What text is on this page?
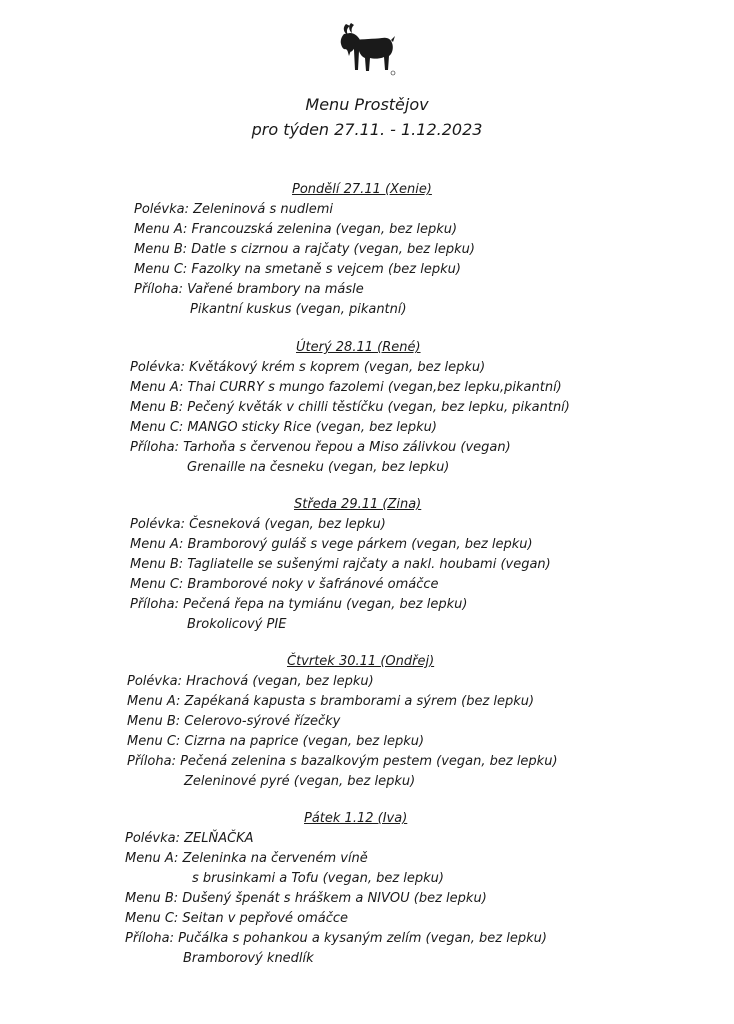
Menu Prostějov
pro týden 27.11. - 1.12.2023
Pondělí 27.11 (Xenie)
Polévka: Zeleninová s nudlemi
Menu A: Francouzská zelenina (vegan, bez lepku)
Menu B: Datle s cizrnou a rajčaty (vegan, bez lepku)
Menu C: Fazolky na smetaně s vejcem (bez lepku)
Příloha: Vařené brambory na másle
Pikantní kuskus (vegan, pikantní)
Úterý 28.11 (René)
Polévka: Květákový krém s koprem (vegan, bez lepku)
Menu A: Thai CURRY s mungo fazolemi (vegan,bez lepku,pikantní)
Menu B: Pečený květák v chilli těstíčku (vegan, bez lepku, pikantní)
Menu C: MANGO sticky Rice (vegan, bez lepku)
Příloha: Tarhoňa s červenou řepou a Miso zálivkou (vegan)
Grenaille na česneku (vegan, bez lepku)
Středa 29.11 (Zina)
Polévka: Česneková (vegan, bez lepku)
Menu A: Bramborový guláš s vege párkem (vegan, bez lepku)
Menu B: Tagliatelle se sušenými rajčaty a nakl. houbami (vegan)
Menu C: Bramborové noky v šafránové omáčce
Příloha: Pečená řepa na tymiánu (vegan, bez lepku)
Brokolicový PIE
Čtvrtek 30.11 (Ondřej)
Polévka: Hrachová (vegan, bez lepku)
Menu A: Zapékaná kapusta s bramborami a sýrem (bez lepku)
Menu B: Celerovo-sýrové řízečky
Menu C: Cizrna na paprice (vegan, bez lepku)
Příloha: Pečená zelenina s bazalkovým pestem (vegan, bez lepku)
Zeleninové pyré (vegan, bez lepku)
Pátek 1.12 (Iva)
Polévka: ZELŇAČKA
Menu A: Zeleninka na červeném víně
s brusinkami a Tofu (vegan, bez lepku)
Menu B: Dušený špenát s hráškem a NIVOU (bez lepku)
Menu C: Seitan v pepřové omáčce
Příloha: Pučálka s pohankou a kysaným zelím (vegan, bez lepku)
Bramborový knedlík
